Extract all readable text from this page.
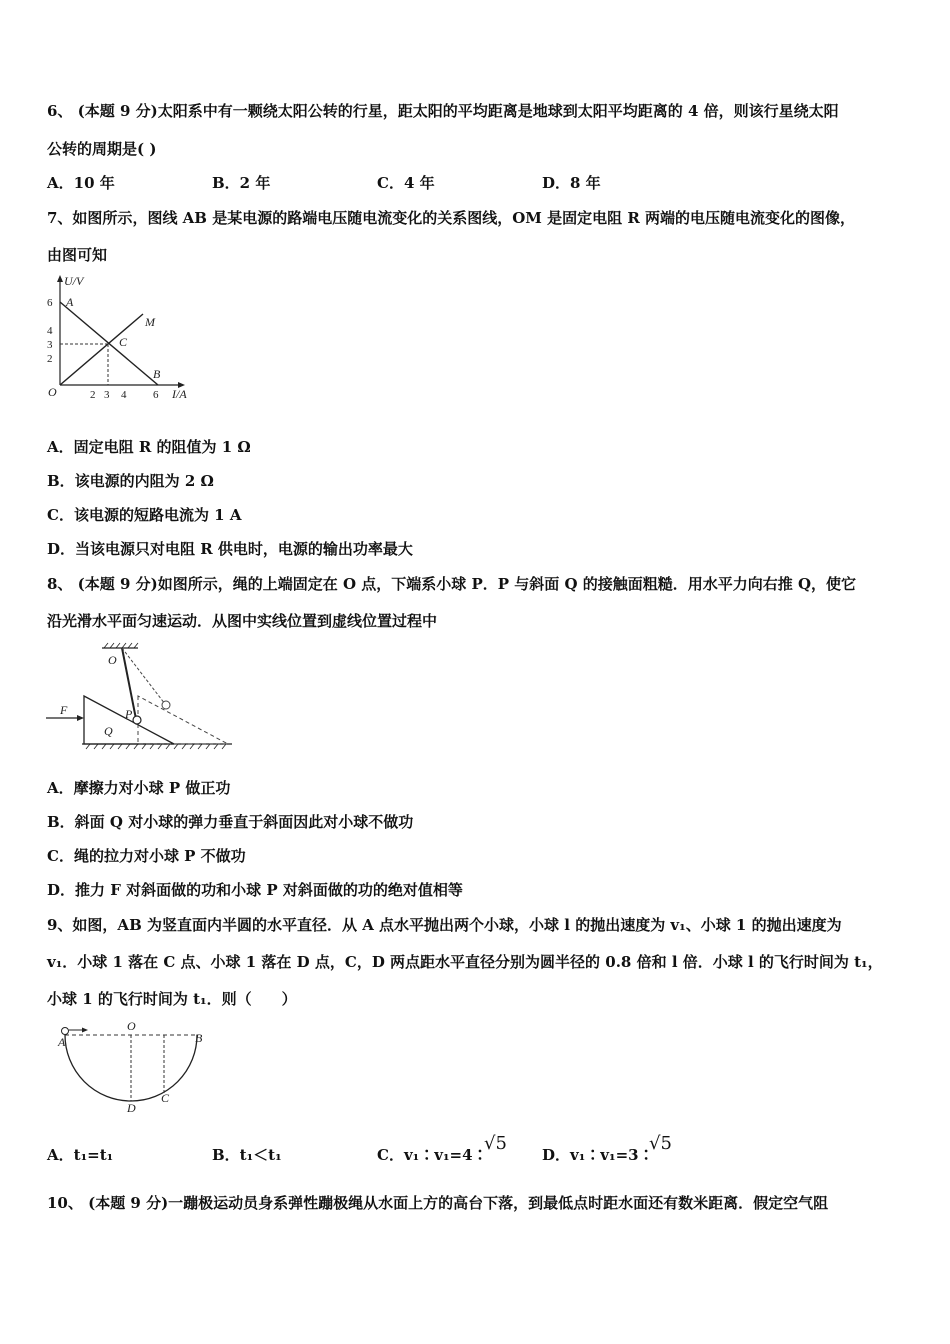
6、 (本题 9 分)太阳系中有一颗绕太阳公转的行星，距太阳的平均距离是地球到太阳平均距离的 4 倍，则该行星绕太阳
公转的周期是( )
A．10 年	B．2 年	C．4 年	D．8 年
7、如图所示，图线 AB 是某电源的路端电压随电流变化的关系图线，OM 是固定电阻 R 两端的电压随电流变化的图像，
由图可知
U/V
I/A
O
6
4
3
2
2 3 4 6
A
B
C
M
A．固定电阻 R 的阻值为 1 Ω
B．该电源的内阻为 2 Ω
C．该电源的短路电流为 1 A
D．当该电源只对电阻 R 供电时，电源的输出功率最大
8、 (本题 9 分)如图所示，绳的上端固定在 O 点，下端系小球 P．P 与斜面 Q 的接触面粗糙．用水平力向右推 Q，使它
沿光滑水平面匀速运动．从图中实线位置到虚线位置过程中
O
F	P
Q
A．摩擦力对小球 P 做正功
B．斜面 Q 对小球的弹力垂直于斜面因此对小球不做功
C．绳的拉力对小球 P 不做功
D．推力 F 对斜面做的功和小球 P 对斜面做的功的绝对值相等
9、如图，AB 为竖直面内半圆的水平直径．从 A 点水平抛出两个小球，小球 l 的抛出速度为 v₁、小球 1 的抛出速度为
v₁．小球 1 落在 C 点、小球 1 落在 D 点，C，D 两点距水平直径分别为圆半径的 0.8 倍和 l 倍．小球 l 的飞行时间为 t₁，
小球 1 的飞行时间为 t₁．则（　　）
A
O
B
D
C
A．t₁=t₁	B．t₁＜t₁	C．v₁∶v₁=4∶
√5
D．v₁∶v₁=3∶
√5
10、 (本题 9 分)一蹦极运动员身系弹性蹦极绳从水面上方的高台下落，到最低点时距水面还有数米距离．假定空气阻
